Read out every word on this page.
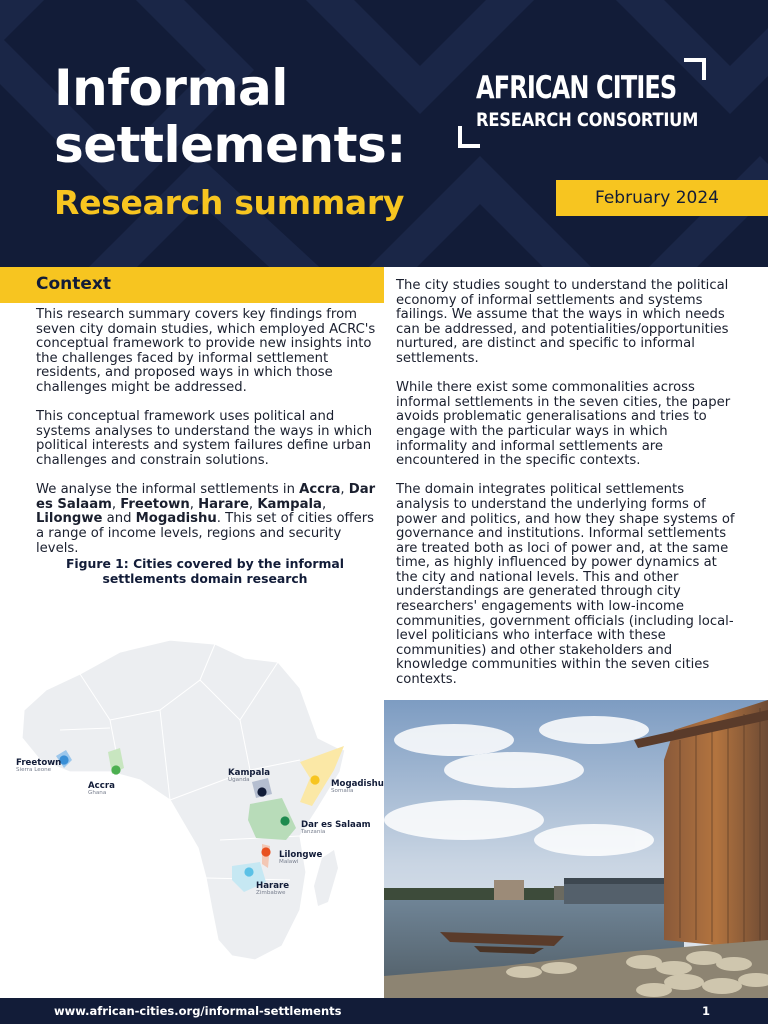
Informal
settlements:
Research summary
AFRICAN CITIES
RESEARCH CONSORTIUM
February 2024
Context

This research summary covers key findings from seven city domain studies, which employed ACRC's conceptual framework to provide new insights into the challenges faced by informal settlement residents, and proposed ways in which those challenges might be addressed.

This conceptual framework uses political and systems analyses to understand the ways in which political interests and system failures define urban challenges and constrain solutions.

We analyse the informal settlements in Accra, Dar es Salaam, Freetown, Harare, Kampala, Lilongwe and Mogadishu. This set of cities offers a range of income levels, regions and security levels.

Figure 1: Cities covered by the informal settlements domain research
Freetown
Sierra Leone
Accra
Ghana
Kampala
Uganda	Mogadishu
Somalia
Dar es Salaam
Tanzania
Lilongwe
Malawi
Harare
Zimbabwe

The city studies sought to understand the political economy of informal settlements and systems failings. We assume that the ways in which needs can be addressed, and potentialities/opportunities nurtured, are distinct and specific to informal settlements.

While there exist some commonalities across informal settlements in the seven cities, the paper avoids problematic generalisations and tries to engage with the particular ways in which informality and informal settlements are encountered in the specific contexts.

The domain integrates political settlements analysis to understand the underlying forms of power and politics, and how they shape systems of governance and institutions. Informal settlements are treated both as loci of power and, at the same time, as highly influenced by power dynamics at the city and national levels. This and other understandings are generated through city researchers' engagements with low-income communities, government officials (including local-level politicians who interface with these communities) and other stakeholders and knowledge communities within the seven cities contexts.

www.african-cities.org/informal-settlements	1
